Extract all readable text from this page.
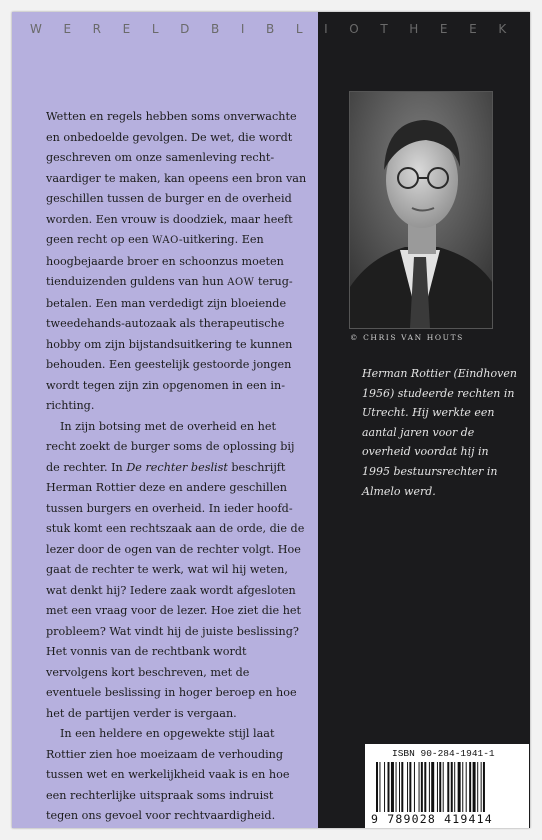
W E R E L D B I B L I O T H E E K

Wetten en regels hebben soms onverwachte en onbedoelde gevolgen. De wet, die wordt geschreven om onze samenleving rechtvaardiger te maken, kan opeens een bron van geschillen tussen de burger en de overheid worden. Een vrouw is doodziek, maar heeft geen recht op een WAO-uitkering. Een hoogbejaarde broer en schoonzus moeten tienduizenden guldens van hun AOW terugbetalen. Een man verdedigt zijn bloeiende tweedehands-autozaak als therapeutische hobby om zijn bijstandsuitkering te kunnen behouden. Een geestelijk gestoorde jongen wordt tegen zijn zin opgenomen in een inrichting.

In zijn botsing met de overheid en het recht zoekt de burger soms de oplossing bij de rechter. In De rechter beslist beschrijft Herman Rottier deze en andere geschillen tussen burgers en overheid. In ieder hoofdstuk komt een rechtszaak aan de orde, die de lezer door de ogen van de rechter volgt. Hoe gaat de rechter te werk, wat wil hij weten, wat denkt hij? Iedere zaak wordt afgesloten met een vraag voor de lezer. Hoe ziet die het probleem? Wat vindt hij de juiste beslissing? Het vonnis van de rechtbank wordt vervolgens kort beschreven, met de eventuele beslissing in hoger beroep en hoe het de partijen verder is vergaan.

In een heldere en opgewekte stijl laat Rottier zien hoe moeizaam de verhouding tussen wet en werkelijkheid vaak is en hoe een rechterlijke uitspraak soms indruist tegen ons gevoel voor rechtvaardigheid.

© CHRIS VAN HOUTS
Herman Rottier (Eindhoven 1956) studeerde rechten in Utrecht. Hij werkte een aantal jaren voor de overheid voordat hij in 1995 bestuursrechter in Almelo werd.
ISBN 90-284-1941-1
9 789028 419414
